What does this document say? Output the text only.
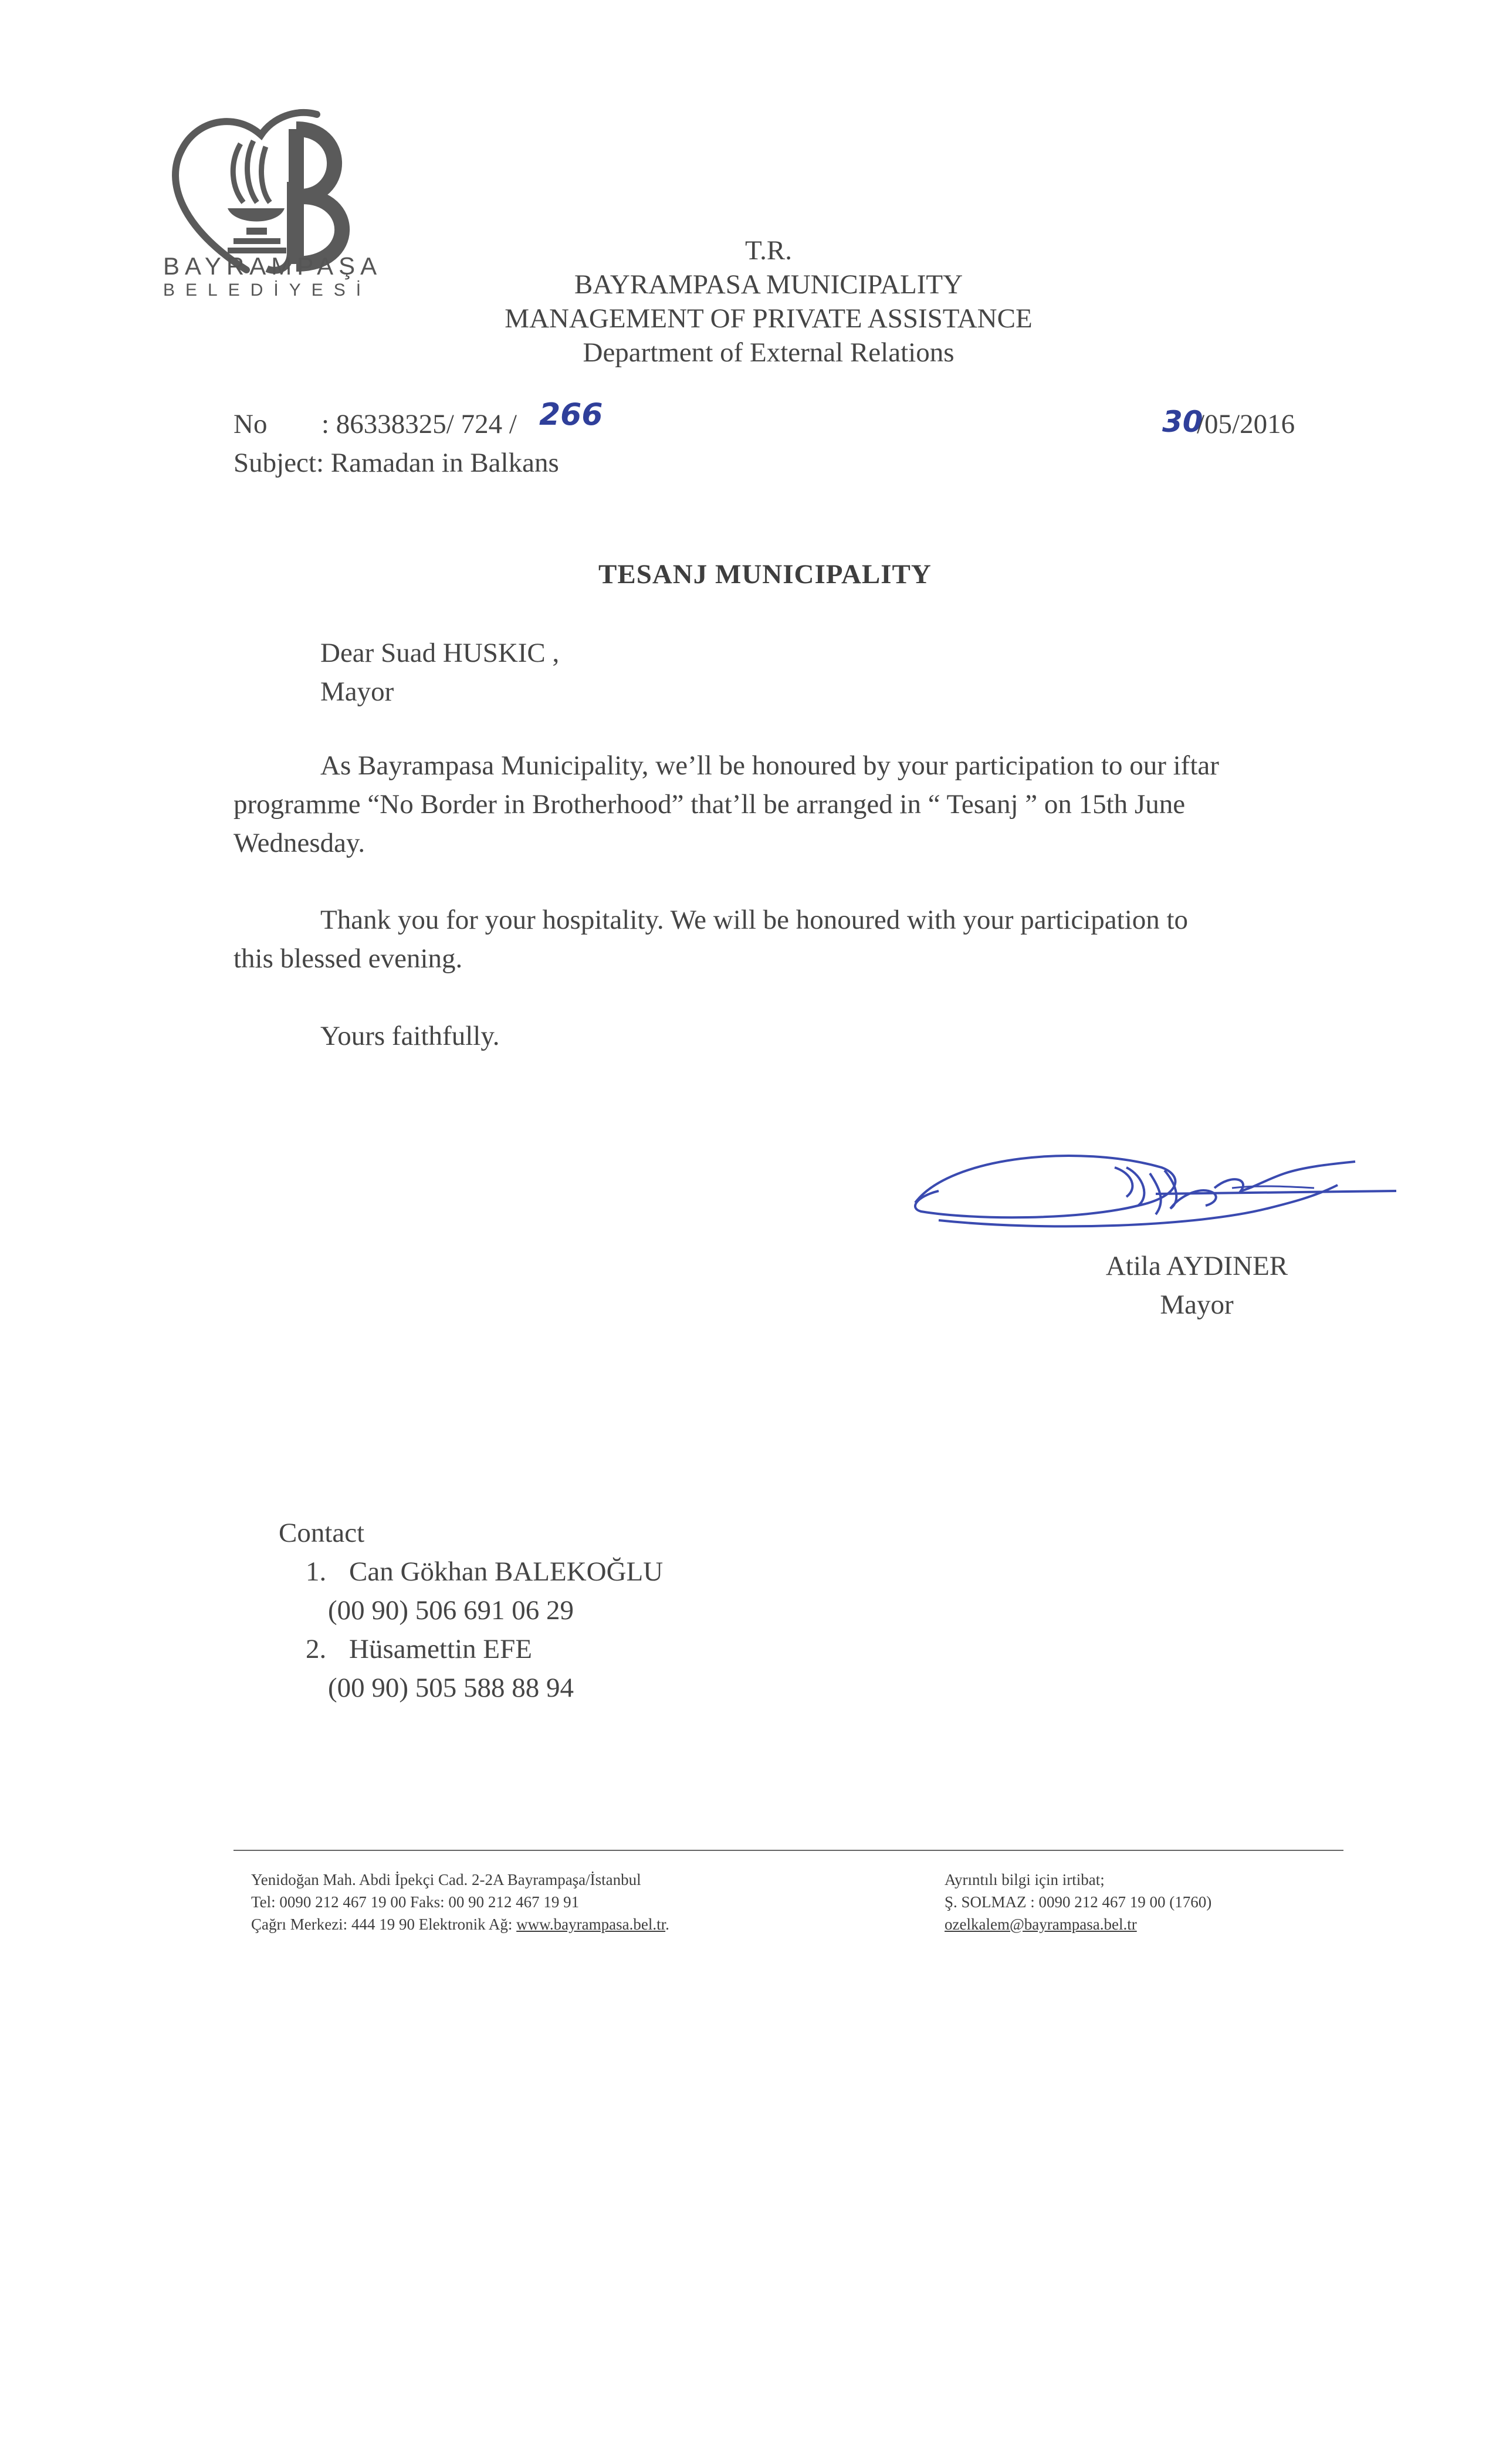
BAYRAMPAŞA
BELEDİYESİ
T.R.
BAYRAMPASA MUNICIPALITY
MANAGEMENT OF PRIVATE ASSISTANCE
Department of External Relations
No : 86338325/ 724 / 266	30
/05/2016
Subject: Ramadan in Balkans
TESANJ MUNICIPALITY
Dear Suad HUSKIC ,
Mayor
As Bayrampasa Municipality, we’ll be honoured by your participation to our iftar
programme “No Border in Brotherhood” that’ll be arranged in “ Tesanj ” on 15th June
Wednesday.
Thank you for your hospitality. We will be honoured with your participation to
this blessed evening.
Yours faithfully.
Atila AYDINER
Mayor
Contact
1. Can Gökhan BALEKOĞLU
(00 90) 506 691 06 29
2. Hüsamettin EFE
(00 90) 505 588 88 94
Yenidoğan Mah. Abdi İpekçi Cad. 2-2A Bayrampaşa/İstanbul
Tel: 0090 212 467 19 00 Faks: 00 90 212 467 19 91
Çağrı Merkezi: 444 19 90 Elektronik Ağ: www.bayrampasa.bel.tr.
Ayrıntılı bilgi için irtibat;
Ş. SOLMAZ : 0090 212 467 19 00 (1760)
ozelkalem@bayrampasa.bel.tr
